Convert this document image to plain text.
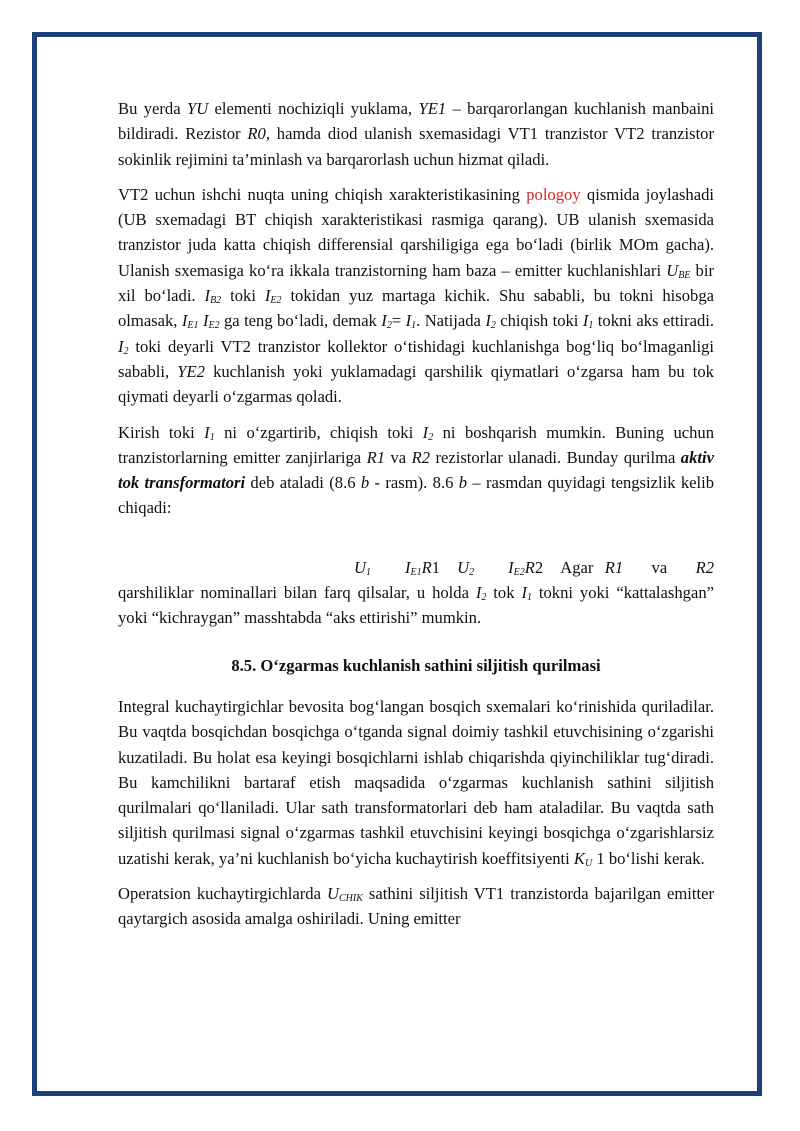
Bu yerda YU elementi nochiziqli yuklama, YE1 – barqarorlangan kuchlanish manbaini bildiradi. Rezistor R0, hamda diod ulanish sxemasidagi VT1 tranzistor VT2 tranzistor sokinlik rejimini ta’minlash va barqarorlash uchun hizmat qiladi.

VT2 uchun ishchi nuqta uning chiqish xarakteristikasining pologoy qismida joylashadi (UB sxemadagi BT chiqish xarakteristikasi rasmiga qarang). UB ulanish sxemasida tranzistor juda katta chiqish differensial qarshiligiga ega bo‘ladi (birlik MOm gacha). Ulanish sxemasiga ko‘ra ikkala tranzistorning ham baza – emitter kuchlanishlari $U_{BE}$ bir xil bo‘ladi. $I_{B2}$ toki $I_{E2}$ tokidan yuz martaga kichik. Shu sababli, bu tokni hisobga olmasak, $I_{E1}$ $I_{E2}$ ga teng bo‘ladi, demak $I_2= I_1$. Natijada $I_2$ chiqish toki $I_1$ tokni aks ettiradi. $I_2$ toki deyarli VT2 tranzistor kollektor o‘tishidagi kuchlanishga bog‘liq bo‘lmaganligi sababli, YE2 kuchlanish yoki yuklamadagi qarshilik qiymatlari o‘zgarsa ham bu tok qiymati deyarli o‘zgarmas qoladi.

Kirish toki $I_1$ ni o‘zgartirib, chiqish toki $I_2$ ni boshqarish mumkin. Buning uchun tranzistorlarning emitter zanjirlariga R1 va R2 rezistorlar ulanadi. Bunday qurilma aktiv tok transformatori deb ataladi (8.6 b - rasm). 8.6 b – rasmdan quyidagi tengsizlik kelib chiqadi:

$U_1$ $I_{E1}R1$ $U_2$ $I_{E2}R2$ Agar  R1     va     R2 qarshiliklar nominallari bilan farq qilsalar, u holda $I_2$ tok $I_1$ tokni yoki “kattalashgan” yoki “kichraygan” masshtabda “aks ettirishi” mumkin.

8.5. O‘zgarmas kuchlanish sathini siljitish qurilmasi

Integral kuchaytirgichlar bevosita bog‘langan bosqich sxemalari ko‘rinishida quriladilar. Bu vaqtda bosqichdan bosqichga o‘tganda signal doimiy tashkil etuvchisining o‘zgarishi kuzatiladi. Bu holat esa keyingi bosqichlarni ishlab chiqarishda qiyinchiliklar tug‘diradi. Bu kamchilikni bartaraf etish maqsadida o‘zgarmas kuchlanish sathini siljitish qurilmalari qo‘llaniladi. Ular sath transformatorlari deb ham ataladilar. Bu vaqtda sath siljitish qurilmasi signal o‘zgarmas tashkil etuvchisini keyingi bosqichga o‘zgarishlarsiz uzatishi kerak, ya’ni kuchlanish bo‘yicha kuchaytirish koeffitsiyenti $K_U$ 1 bo‘lishi kerak.

Operatsion kuchaytirgichlarda $U_{CHIK}$ sathini siljitish VT1 tranzistorda bajarilgan emitter qaytargich asosida amalga oshiriladi. Uning emitter
